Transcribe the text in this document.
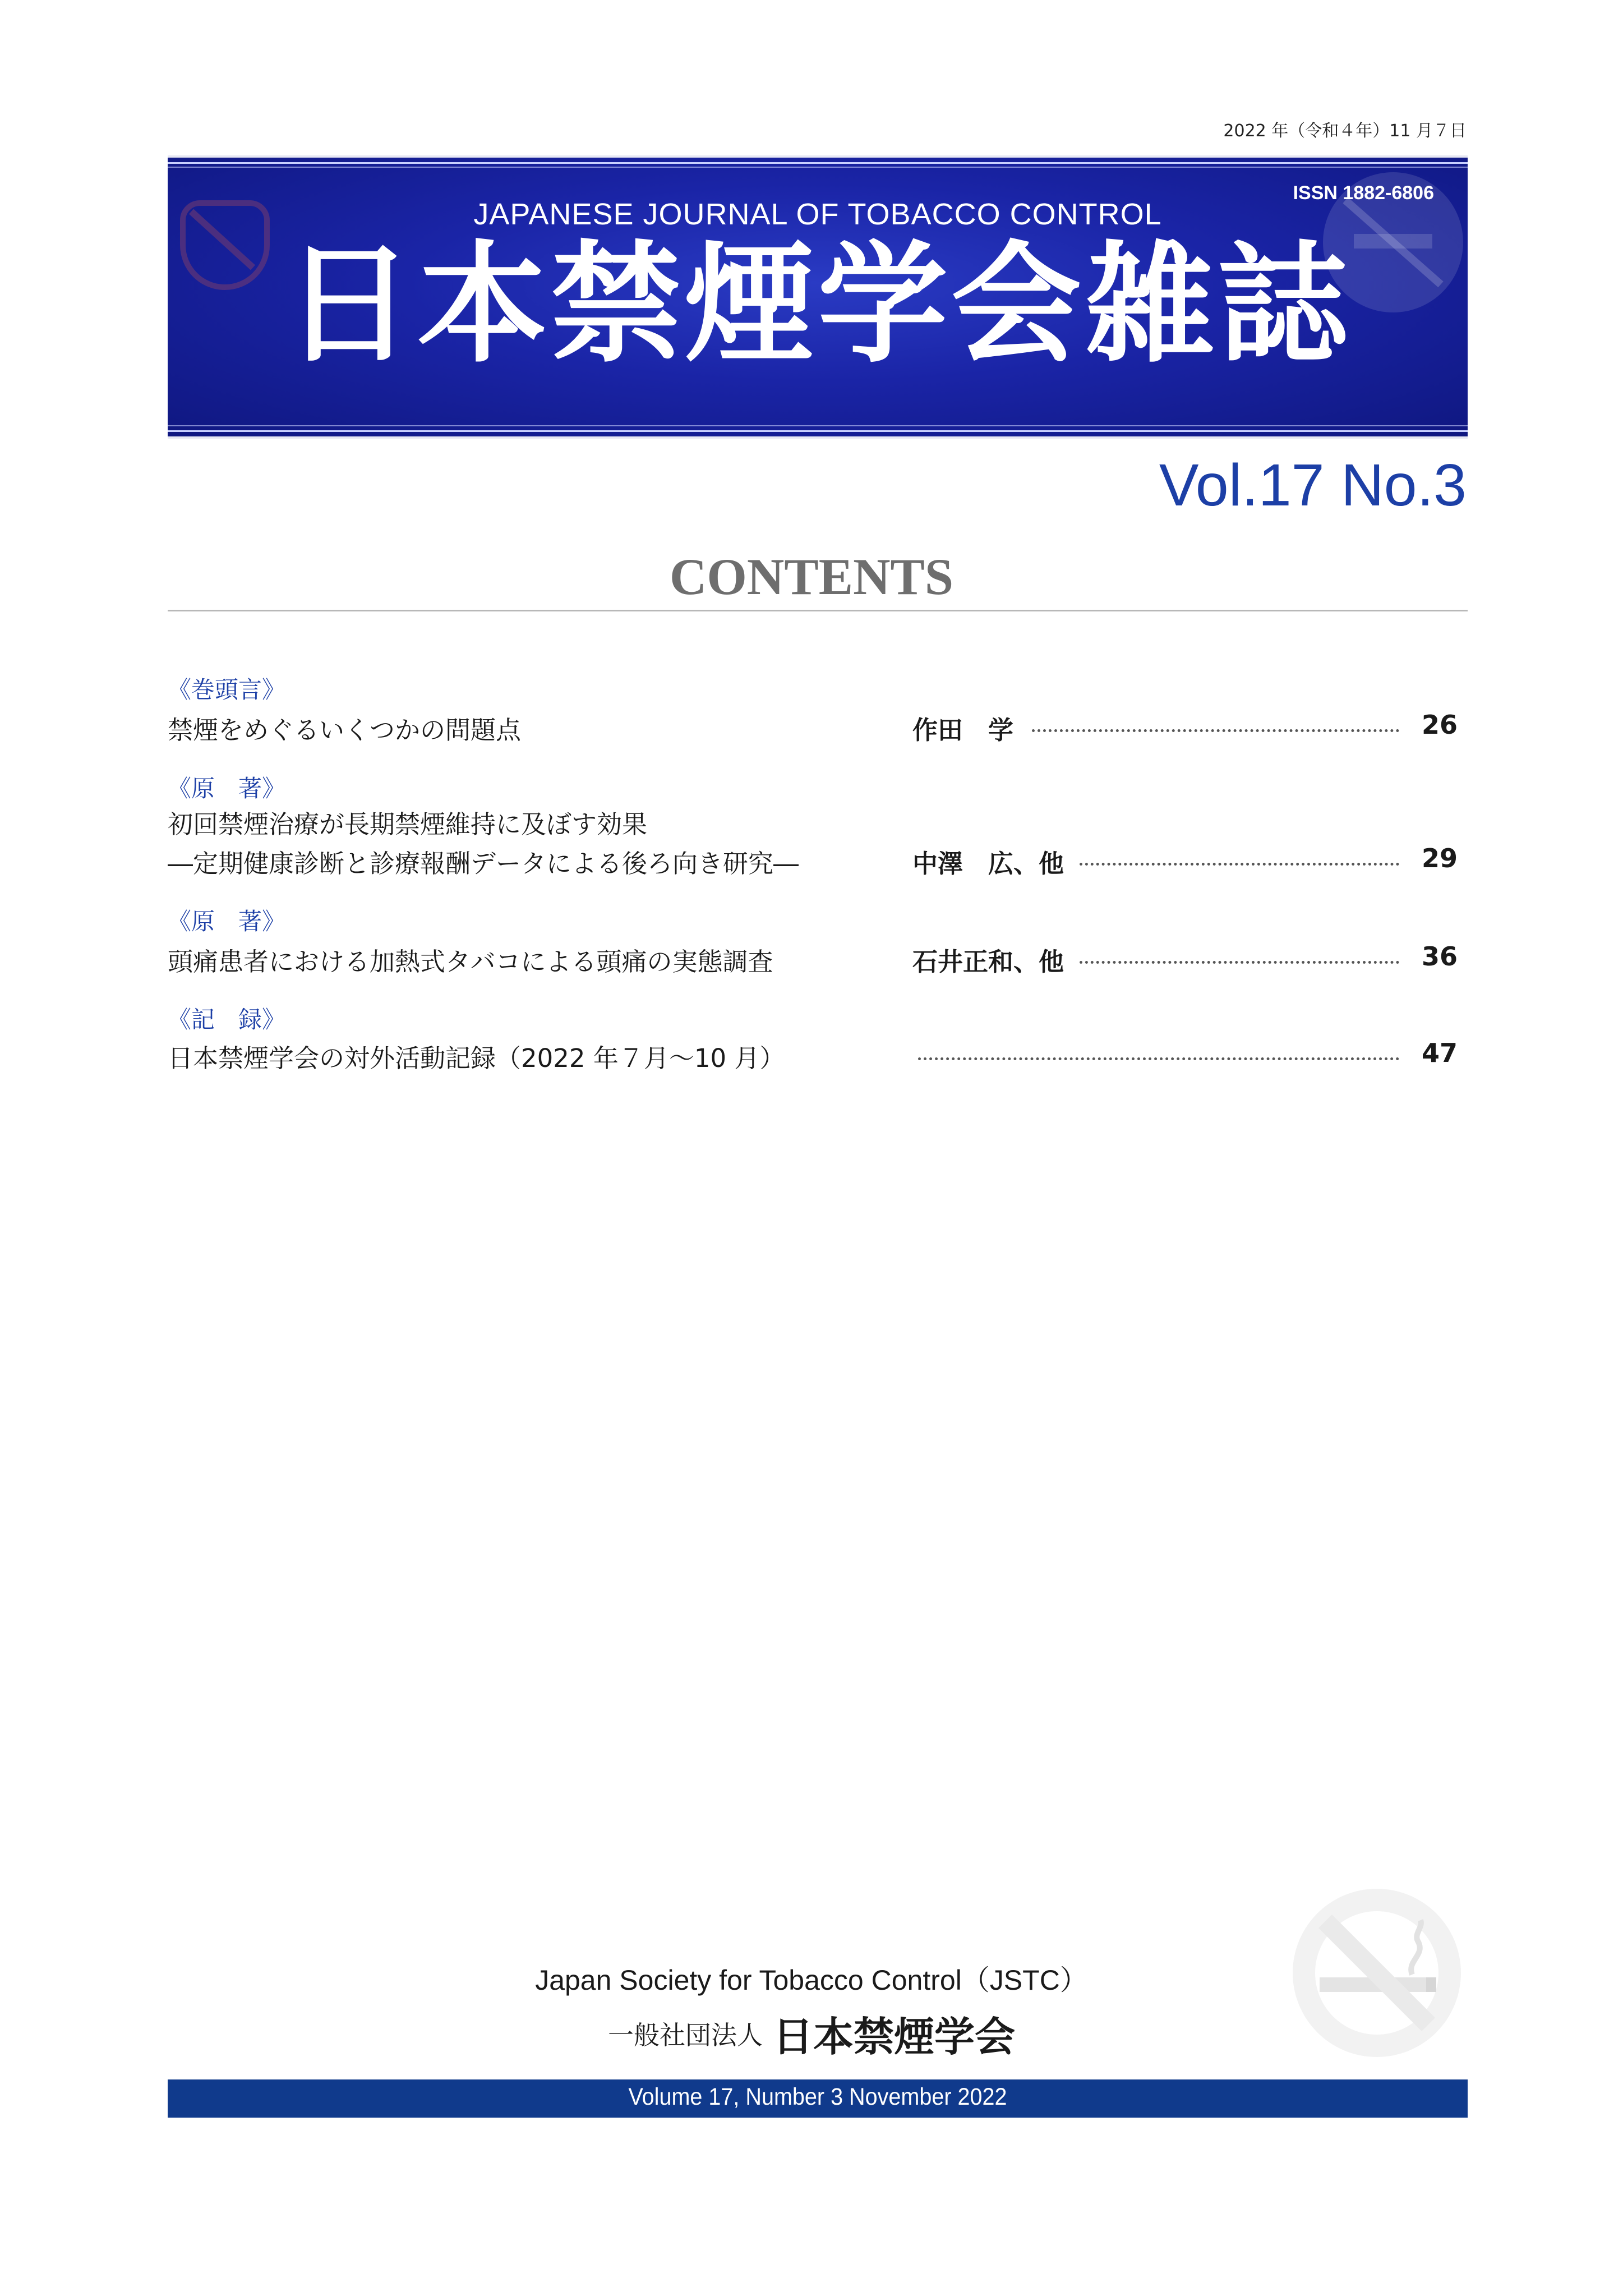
2022 年（令和４年）11 月７日
JAPANESE JOURNAL OF TOBACCO CONTROL
ISSN 1882-6806
日本禁煙学会雑誌
Vol.17 No.3
CONTENTS
《巻頭言》
禁煙をめぐるいくつかの問題点	作田　学	26
《原　著》
初回禁煙治療が長期禁煙維持に及ぼす効果
―定期健康診断と診療報酬データによる後ろ向き研究―	中澤　広、他	29
《原　著》
頭痛患者における加熱式タバコによる頭痛の実態調査	石井正和、他	36
《記　録》
日本禁煙学会の対外活動記録（2022 年７月～10 月）	47
Japan Society for Tobacco Control（JSTC）
一般社団法人 日本禁煙学会
Volume 17, Number 3 November 2022
